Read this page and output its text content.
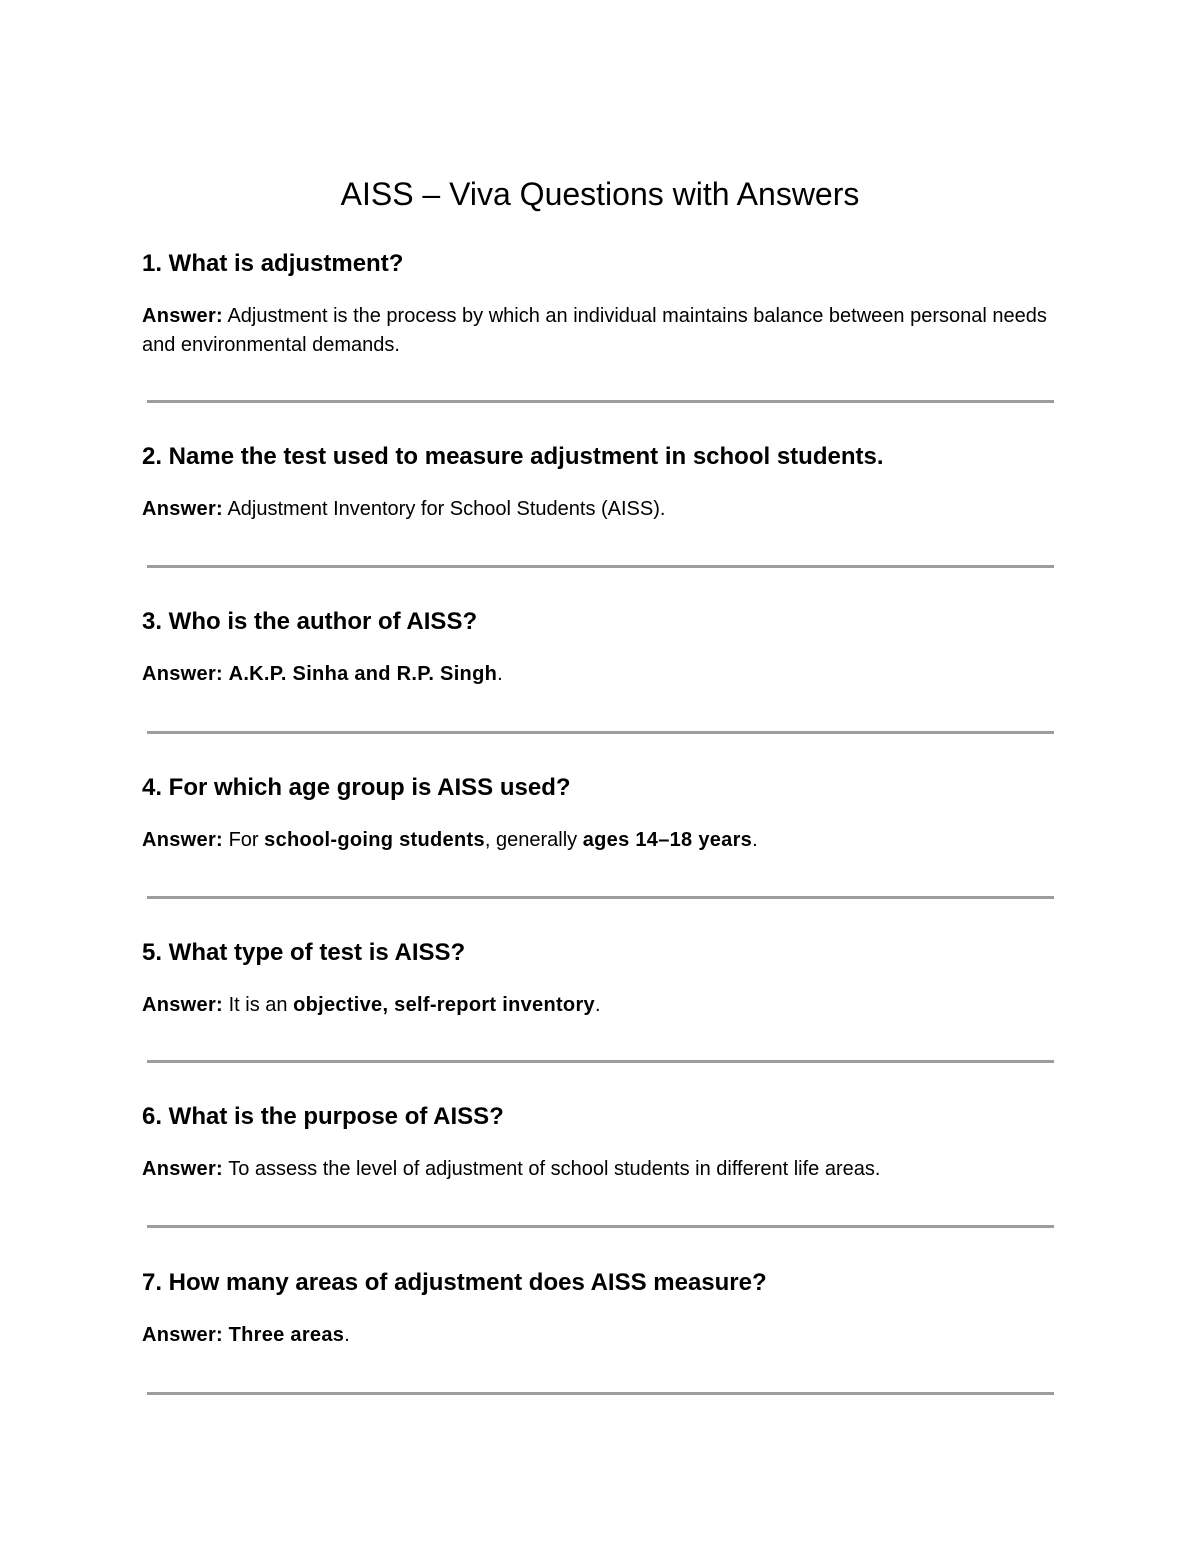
AISS – Viva Questions with Answers

1. What is adjustment?

Answer: Adjustment is the process by which an individual maintains balance between personal needs and environmental demands.

2. Name the test used to measure adjustment in school students.

Answer: Adjustment Inventory for School Students (AISS).

3. Who is the author of AISS?

Answer: A.K.P. Sinha and R.P. Singh.

4. For which age group is AISS used?

Answer: For school-going students, generally ages 14–18 years.

5. What type of test is AISS?

Answer: It is an objective, self-report inventory.

6. What is the purpose of AISS?

Answer: To assess the level of adjustment of school students in different life areas.

7. How many areas of adjustment does AISS measure?

Answer: Three areas.
